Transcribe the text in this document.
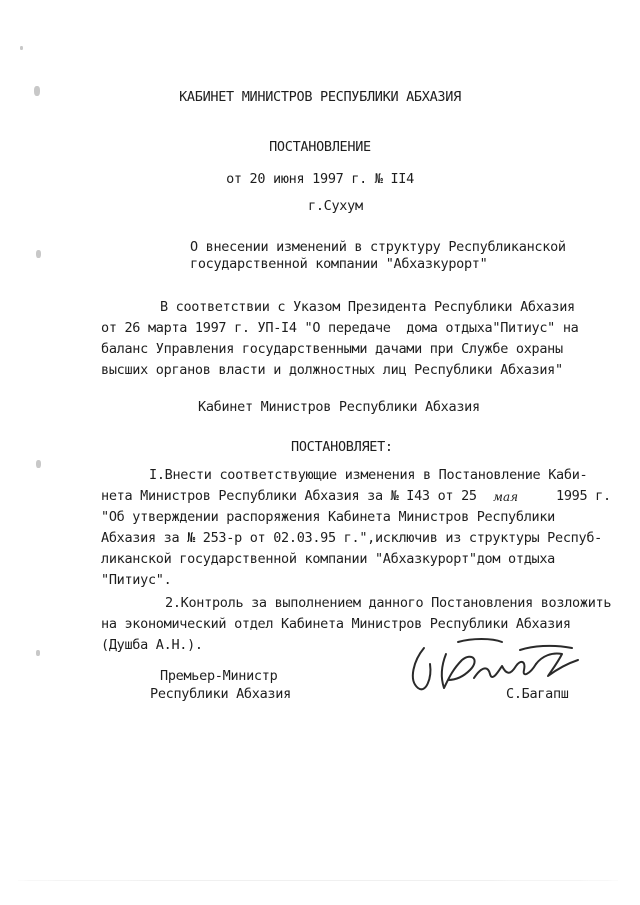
КАБИНЕТ МИНИСТРОВ РЕСПУБЛИКИ АБХАЗИЯ
ПОСТАНОВЛЕНИЕ
от 20 июня 1997 г. № II4
г.Сухум
О внесении изменений в структуру Республиканской
государственной компании "Абхазкурорт"
В соответствии с Указом Президента Республики Абхазия
от 26 марта 1997 г. УП-I4 "О передаче  дома отдыха"Питиус" на
баланс Управления государственными дачами при Службе охраны
высших органов власти и должностных лиц Республики Абхазия"
Кабинет Министров Республики Абхазия
ПОСТАНОВЛЯЕТ:
I.Внести соответствующие изменения в Постановление Каби-
нета Министров Республики Абхазия за № I43 от 25 мая	1995 г.
"Об утверждении распоряжения Кабинета Министров Республики
Абхазия за № 253-р от 02.03.95 г.",исключив из структуры Респуб-
ликанской государственной компании "Абхазкурорт"дом отдыха
"Питиус".
2.Контроль за выполнением данного Постановления возложить
на экономический отдел Кабинета Министров Республики Абхазия
(Душба А.Н.).
Премьер-Министр
Республики Абхазия	С.Багапш
